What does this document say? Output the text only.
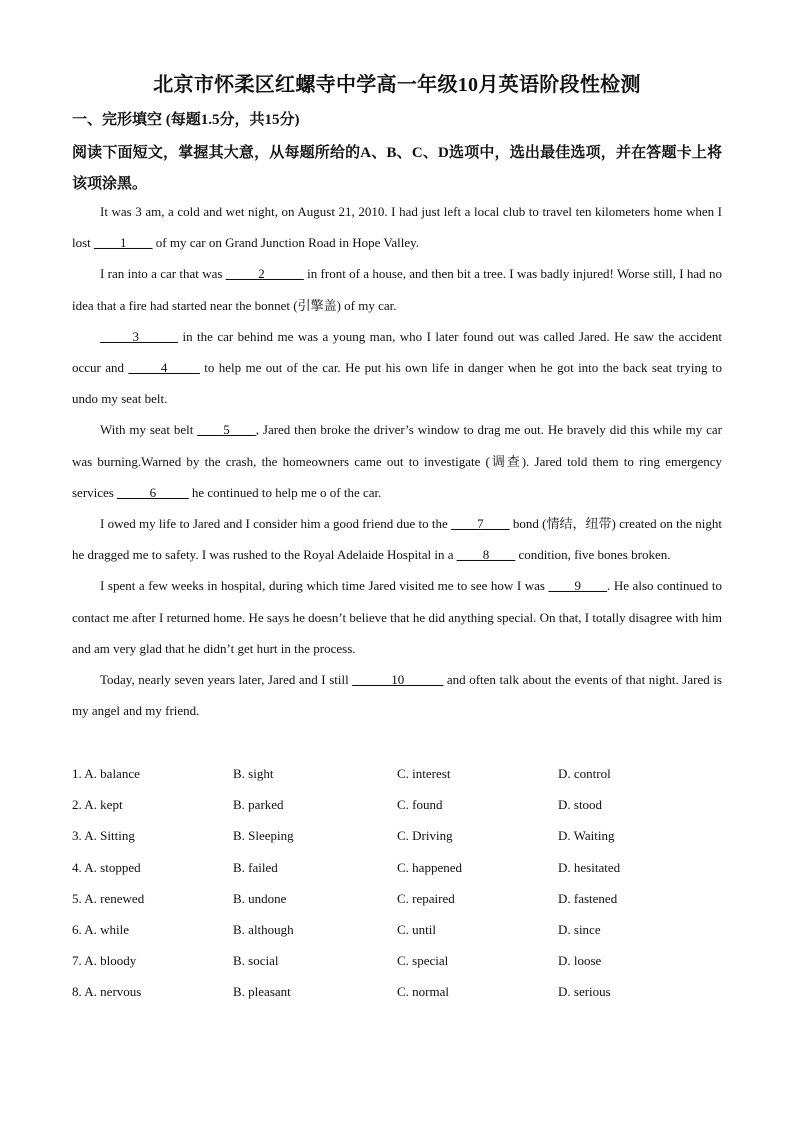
北京市怀柔区红螺寺中学高一年级10月英语阶段性检测
一、完形填空 (每题1.5分，共15分)
阅读下面短文，掌握其大意，从每题所给的A、B、C、D选项中，选出最佳选项，并在答题卡上将该项涂黑。

It was 3 am, a cold and wet night, on August 21, 2010. I had just left a local club to travel ten kilometers home when I lost ____1____ of my car on Grand Junction Road in Hope Valley.

I ran into a car that was _____2______ in front of a house, and then bit a tree. I was badly injured! Worse still, I had no idea that a fire had started near the bonnet (引擎盖) of my car.

_____3______ in the car behind me was a young man, who I later found out was called Jared. He saw the accident occur and _____4_____ to help me out of the car. He put his own life in danger when he got into the back seat trying to undo my seat belt.

With my seat belt ____5____, Jared then broke the driver’s window to drag me out. He bravely did this while my car was burning.Warned by the crash, the homeowners came out to investigate (调查). Jared told them to ring emergency services _____6_____ he continued to help me o of the car.

I owed my life to Jared and I consider him a good friend due to the ____7____ bond (情结，纽带) created on the night he dragged me to safety. I was rushed to the Royal Adelaide Hospital in a ____8____ condition, five bones broken.

I spent a few weeks in hospital, during which time Jared visited me to see how I was ____9____. He also continued to contact me after I returned home. He says he doesn’t believe that he did anything special. On that, I totally disagree with him and am very glad that he didn’t get hurt in the process.

Today, nearly seven years later, Jared and I still ______10______ and often talk about the events of that night. Jared is my angel and my friend.

1. A. balance	B. sight	C. interest	D. control
2. A. kept	B. parked	C. found	D. stood
3. A. Sitting	B. Sleeping	C. Driving	D. Waiting
4. A. stopped	B. failed	C. happened	D. hesitated
5. A. renewed	B. undone	C. repaired	D. fastened
6. A. while	B. although	C. until	D. since
7. A. bloody	B. social	C. special	D. loose
8. A. nervous	B. pleasant	C. normal	D. serious
